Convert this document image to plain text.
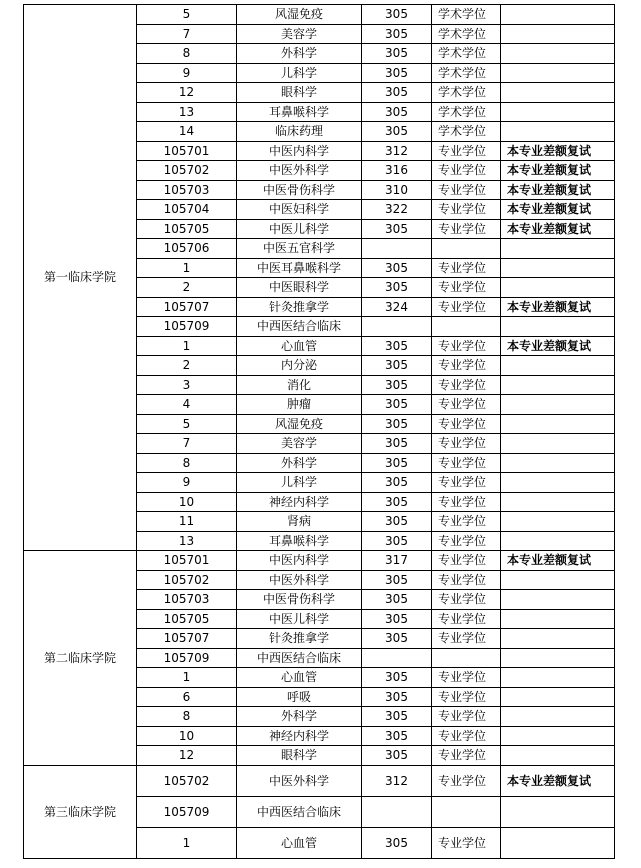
第一临床学院	5	风湿免疫	305	学术学位	
	7	美容学	305	学术学位	
	8	外科学	305	学术学位	
	9	儿科学	305	学术学位	
	12	眼科学	305	学术学位	
	13	耳鼻喉科学	305	学术学位	
	14	临床药理	305	学术学位	
	105701	中医内科学	312	专业学位	本专业差额复试
	105702	中医外科学	316	专业学位	本专业差额复试
	105703	中医骨伤科学	310	专业学位	本专业差额复试
	105704	中医妇科学	322	专业学位	本专业差额复试
	105705	中医儿科学	305	专业学位	本专业差额复试
	105706	中医五官科学			
	1	中医耳鼻喉科学	305	专业学位	
	2	中医眼科学	305	专业学位	
	105707	针灸推拿学	324	专业学位	本专业差额复试
	105709	中西医结合临床			
	1	心血管	305	专业学位	本专业差额复试
	2	内分泌	305	专业学位	
	3	消化	305	专业学位	
	4	肿瘤	305	专业学位	
	5	风湿免疫	305	专业学位	
	7	美容学	305	专业学位	
	8	外科学	305	专业学位	
	9	儿科学	305	专业学位	
	10	神经内科学	305	专业学位	
	11	肾病	305	专业学位	
	13	耳鼻喉科学	305	专业学位	
第二临床学院	105701	中医内科学	317	专业学位	本专业差额复试
	105702	中医外科学	305	专业学位	
	105703	中医骨伤科学	305	专业学位	
	105705	中医儿科学	305	专业学位	
	105707	针灸推拿学	305	专业学位	
	105709	中西医结合临床			
	1	心血管	305	专业学位	
	6	呼吸	305	专业学位	
	8	外科学	305	专业学位	
	10	神经内科学	305	专业学位	
	12	眼科学	305	专业学位	
第三临床学院	105702	中医外科学	312	专业学位	本专业差额复试
	105709	中西医结合临床			
	1	心血管	305	专业学位	
